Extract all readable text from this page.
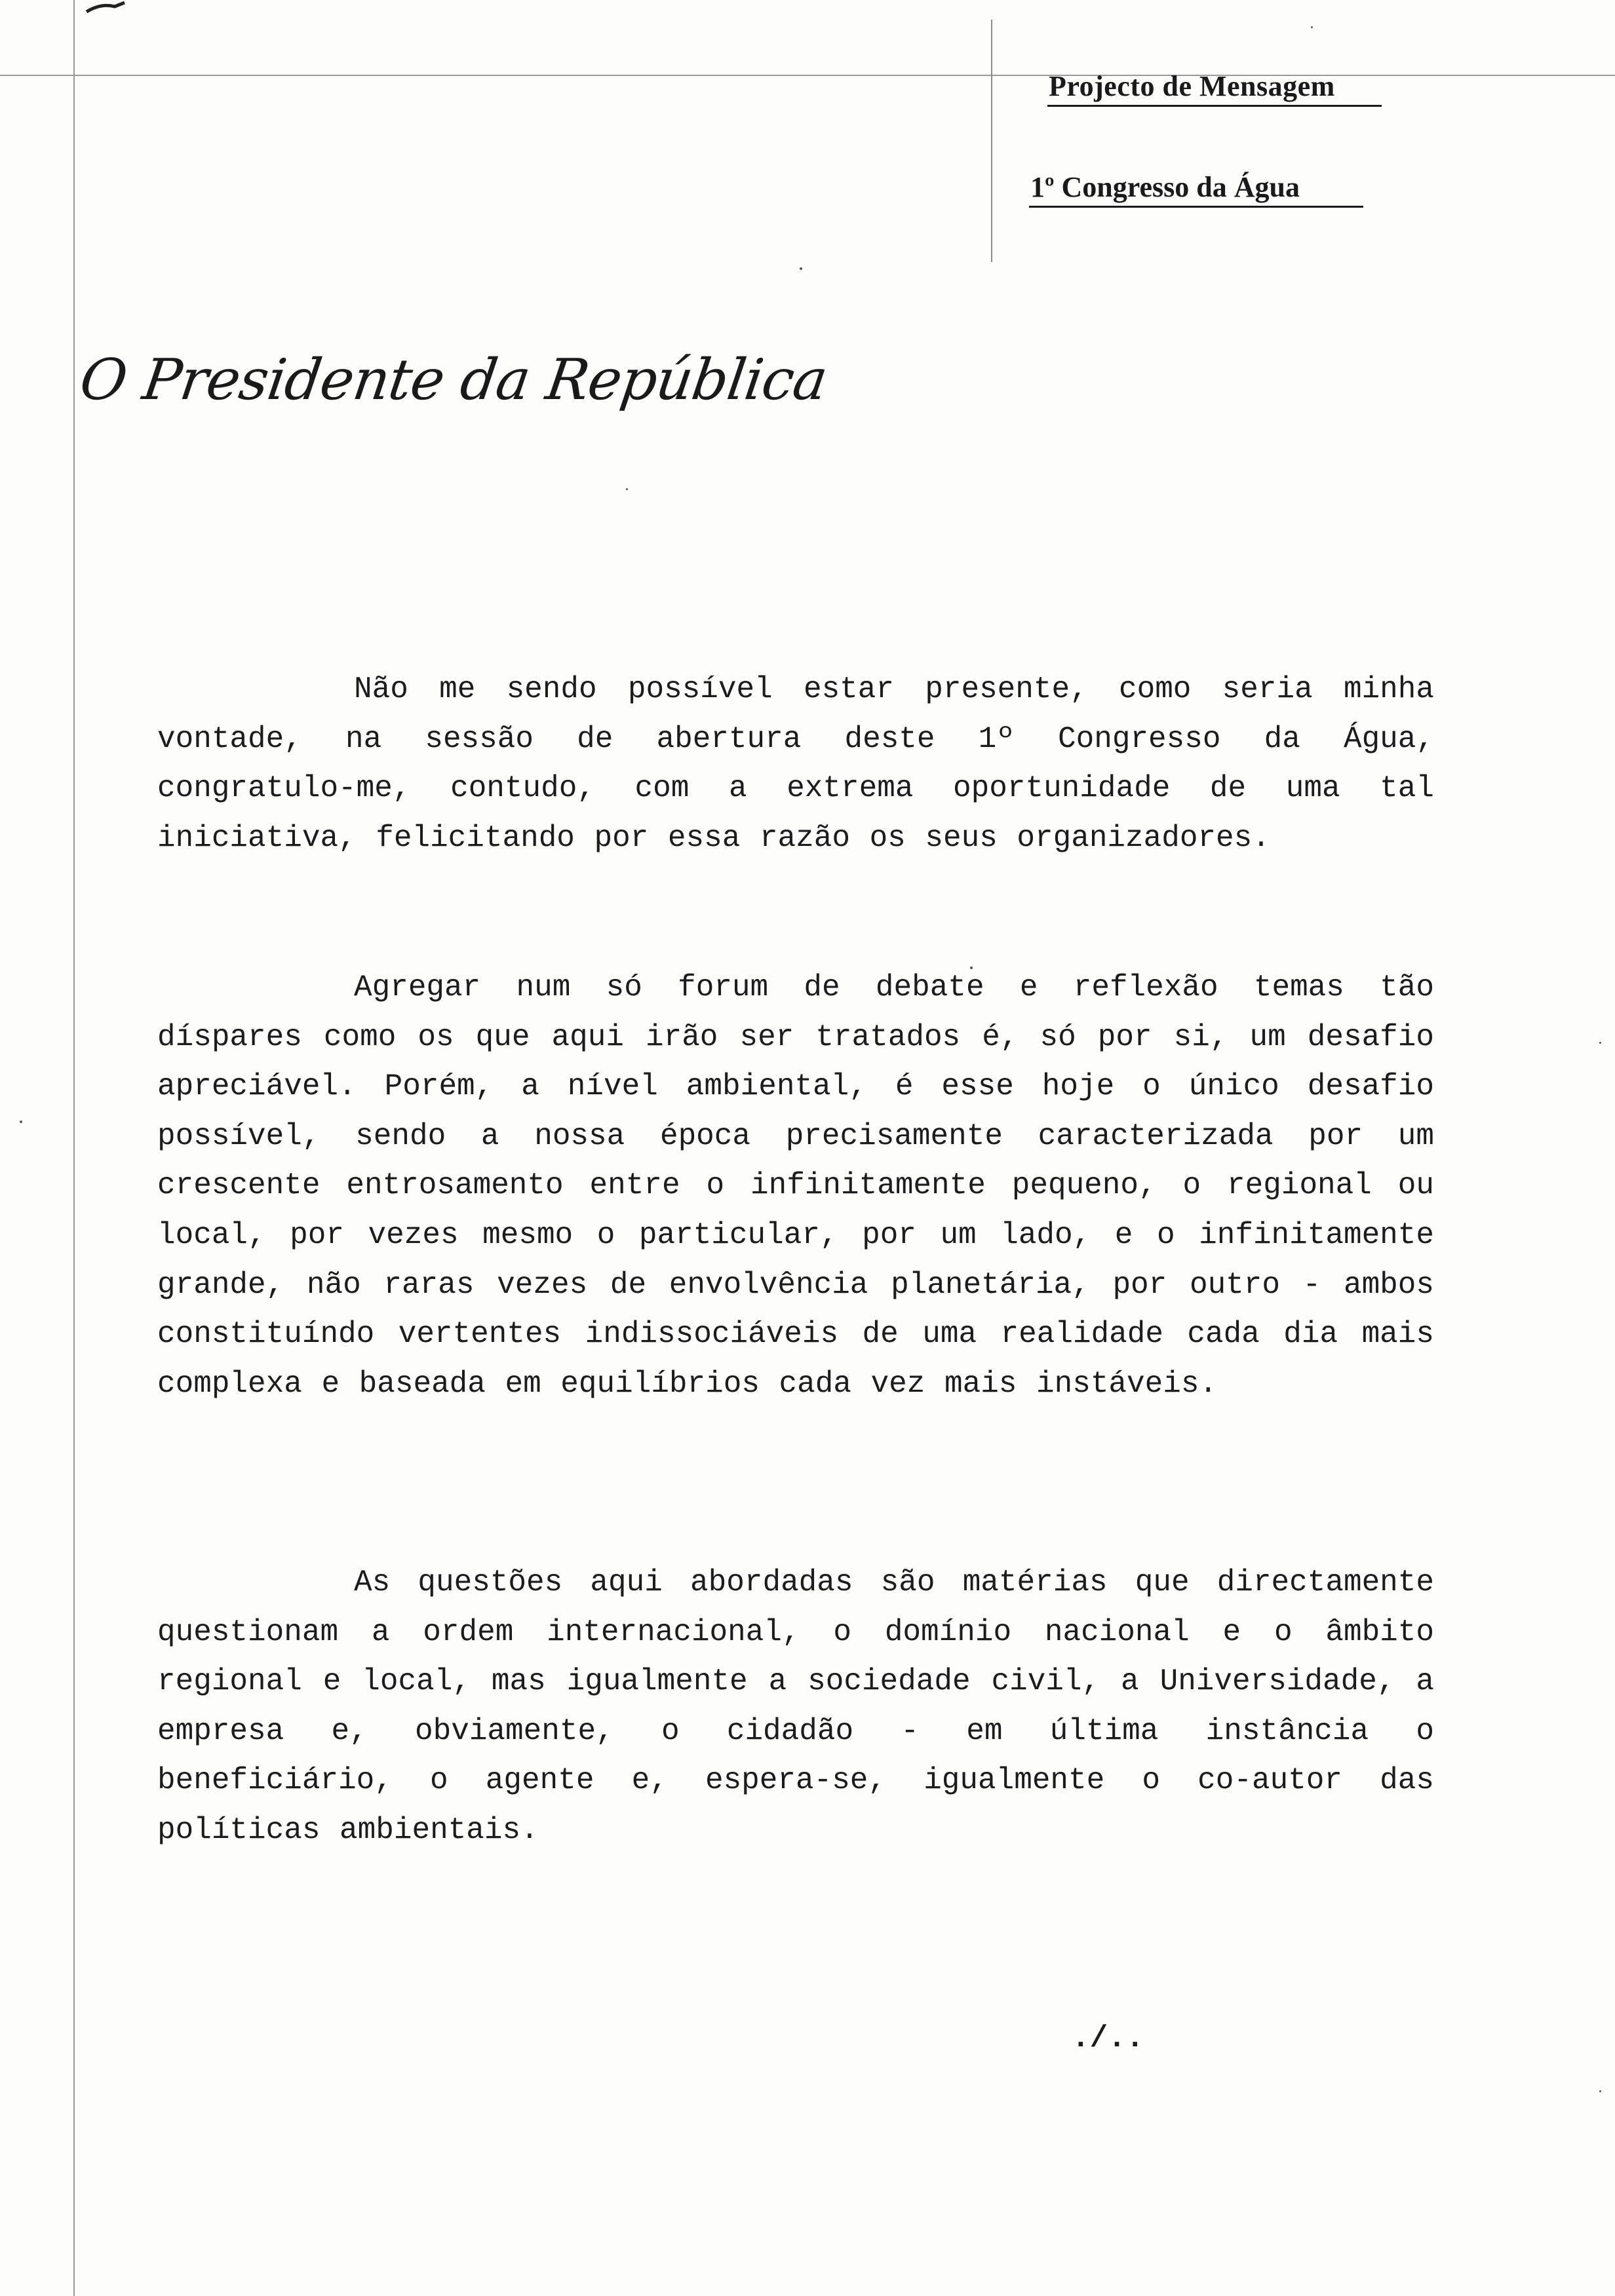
Projecto de Mensagem
1º Congresso da Água
O Presidente da República
Não me sendo possível estar presente, como seria minha vontade, na sessão de abertura deste 1º Congresso da Água, congratulo-me, contudo, com a extrema oportunidade de uma tal iniciativa, felicitando por essa razão os seus organizadores.
Agregar num só forum de debate e reflexão temas tão díspares como os que aqui irão ser tratados é, só por si, um desafio apreciável. Porém, a nível ambiental, é esse hoje o único desafio possível, sendo a nossa época precisamente caracterizada por um crescente entrosamento entre o infinitamente pequeno, o regional ou local, por vezes mesmo o particular, por um lado, e o infinitamente grande, não raras vezes de envolvência planetária, por outro - ambos constituíndo vertentes indissociáveis de uma realidade cada dia mais complexa e baseada em equilíbrios cada vez mais instáveis.
As questões aqui abordadas são matérias que directamente questionam a ordem internacional, o domínio nacional e o âmbito regional e local, mas igualmente a sociedade civil, a Universidade, a empresa e, obviamente, o cidadão - em última instância o beneficiário, o agente e, espera-se, igualmente o co-autor das políticas ambientais.
./..
